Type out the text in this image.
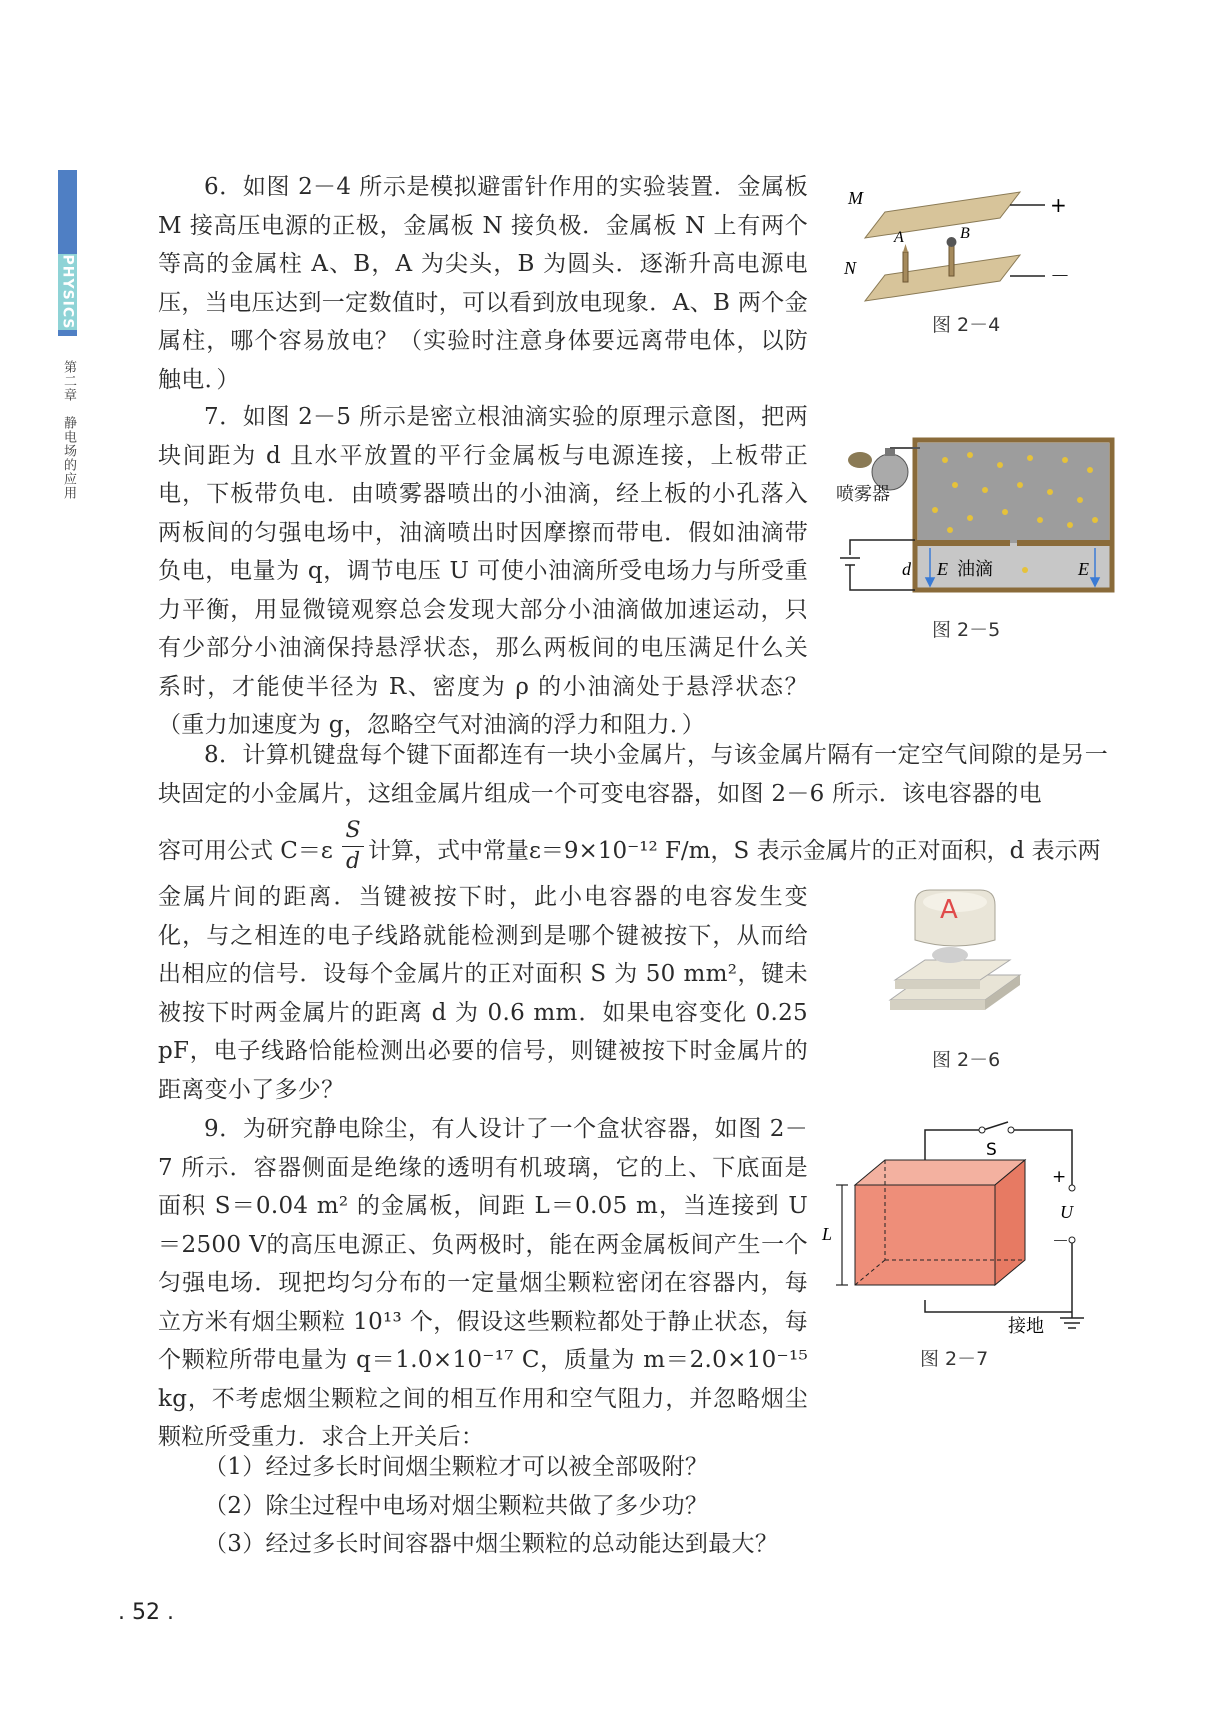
PHYSICS
第二章　静电场的应用
6．如图 2－4 所示是模拟避雷针作用的实验装置．金属板 M 接高压电源的正极，金属板 N 接负极．金属板 N 上有两个等高的金属柱 A、B，A 为尖头，B 为圆头．逐渐升高电源电压，当电压达到一定数值时，可以看到放电现象．A、B 两个金属柱，哪个容易放电？（实验时注意身体要远离带电体，以防触电．）
M
N
A	B
+
－
图 2－4
7．如图 2－5 所示是密立根油滴实验的原理示意图，把两块间距为 d 且水平放置的平行金属板与电源连接，上板带正电，下板带负电．由喷雾器喷出的小油滴，经上板的小孔落入两板间的匀强电场中，油滴喷出时因摩擦而带电．假如油滴带负电，电量为 q，调节电压 U 可使小油滴所受电场力与所受重力平衡，用显微镜观察总会发现大部分小油滴做加速运动，只有少部分小油滴保持悬浮状态，那么两板间的电压满足什么关系时，才能使半径为 R、密度为 ρ 的小油滴处于悬浮状态？（重力加速度为 g，忽略空气对油滴的浮力和阻力．）
喷雾器
d E 油滴	E
图 2－5
8．计算机键盘每个键下面都连有一块小金属片，与该金属片隔有一定空气间隙的是另一块固定的小金属片，这组金属片组成一个可变电容器，如图 2－6 所示．该电容器的电
容可用公式 C＝ε
S
d 计算，式中常量ε＝9×10⁻¹² F/m，S 表示金属片的正对面积，d 表示两
金属片间的距离．当键被按下时，此小电容器的电容发生变化，与之相连的电子线路就能检测到是哪个键被按下，从而给出相应的信号．设每个金属片的正对面积 S 为 50 mm²，键未被按下时两金属片的距离 d 为 0.6 mm．如果电容变化 0.25 pF，电子线路恰能检测出必要的信号，则键被按下时金属片的距离变小了多少？
A
图 2－6
9．为研究静电除尘，有人设计了一个盒状容器，如图 2－7 所示．容器侧面是绝缘的透明有机玻璃，它的上、下底面是面积 S＝0.04 m² 的金属板，间距 L＝0.05 m，当连接到 U＝2500 V的高压电源正、负两极时，能在两金属板间产生一个匀强电场．现把均匀分布的一定量烟尘颗粒密闭在容器内，每立方米有烟尘颗粒 10¹³ 个，假设这些颗粒都处于静止状态，每个颗粒所带电量为 q＝1.0×10⁻¹⁷ C，质量为 m＝2.0×10⁻¹⁵ kg，不考虑烟尘颗粒之间的相互作用和空气阻力，并忽略烟尘颗粒所受重力．求合上开关后：
（1）经过多长时间烟尘颗粒才可以被全部吸附？
（2）除尘过程中电场对烟尘颗粒共做了多少功？
（3）经过多长时间容器中烟尘颗粒的总动能达到最大？
S
+
U
－
L
接地
图 2－7
. 52 .
